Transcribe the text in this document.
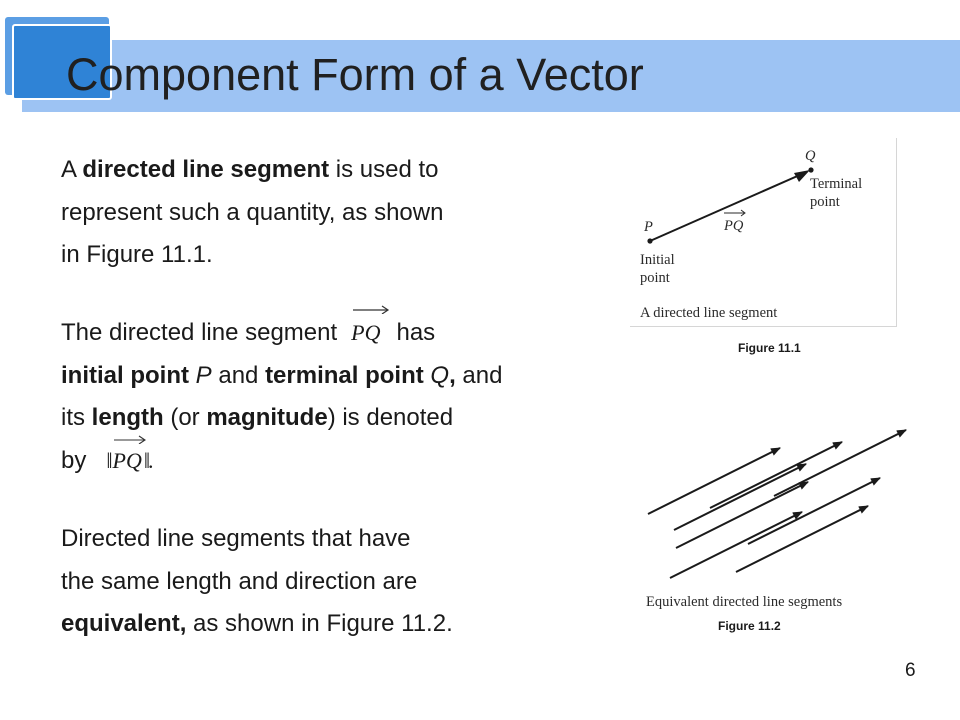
Component Form of a Vector
A directed line segment is used to
represent such a quantity, as shown
in Figure 11.1.
The directed line segment PQ has
initial point P and terminal point Q, and
its length (or magnitude) is denoted
by ‖
PQ‖.
Directed line segments that have
the same length and direction are
equivalent, as shown in Figure 11.2.
Q
P
Terminal
point
Initial
point
PQ
A directed line segment
Figure 11.1
Equivalent directed line segments
Figure 11.2
6
